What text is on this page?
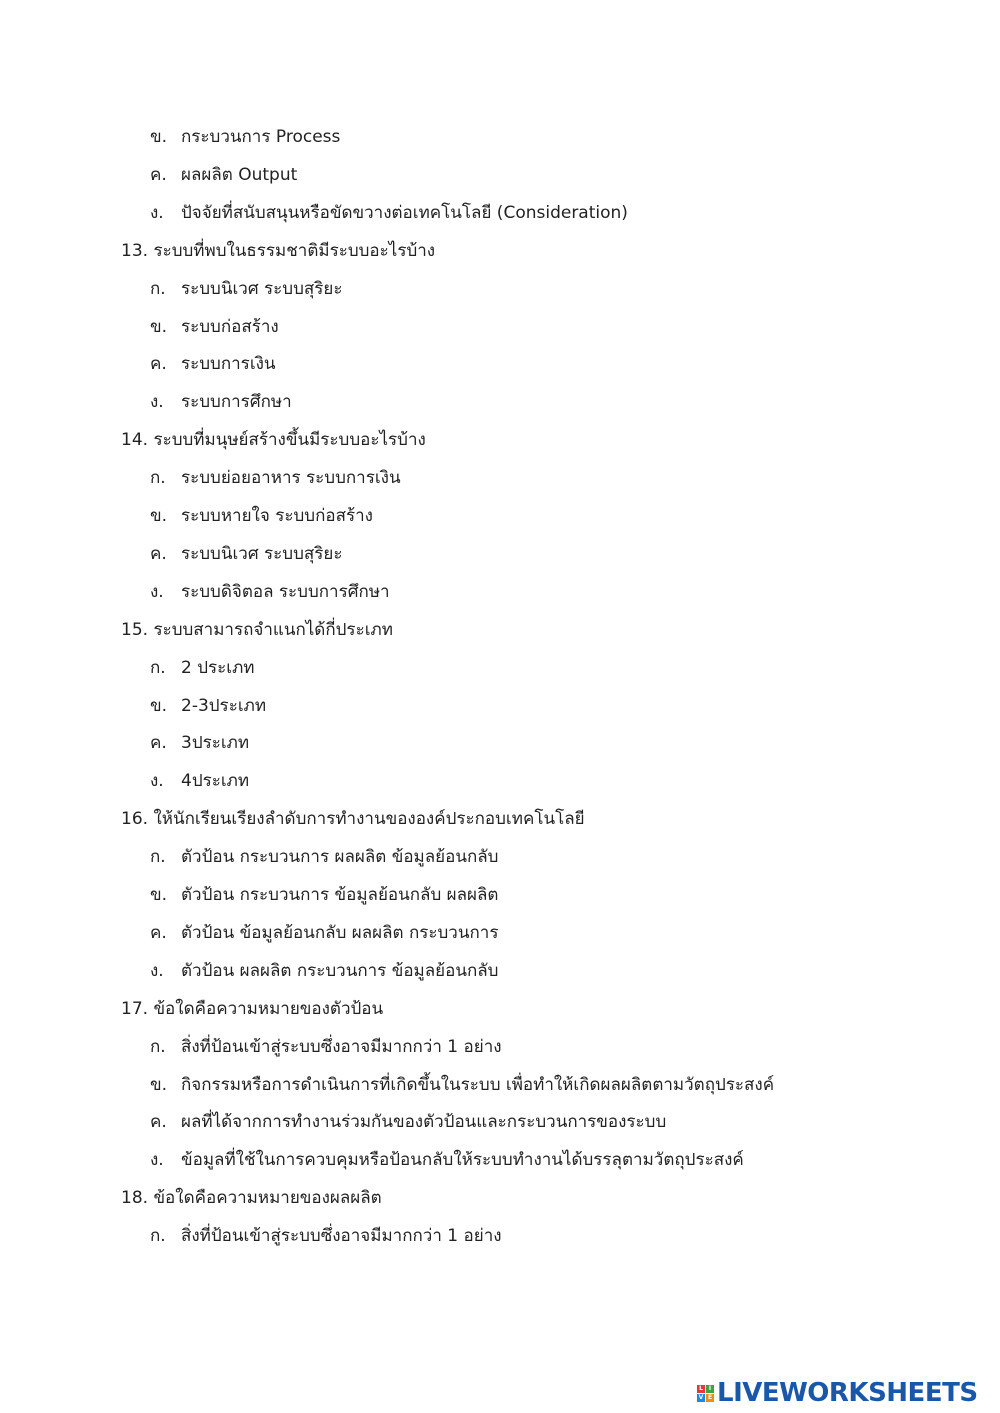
ข. กระบวนการ Process
ค. ผลผลิต Output
ง. ปัจจัยที่สนับสนุนหรือขัดขวางต่อเทคโนโลยี (Consideration)
13. ระบบที่พบในธรรมชาติมีระบบอะไรบ้าง
ก. ระบบนิเวศ ระบบสุริยะ
ข. ระบบก่อสร้าง
ค. ระบบการเงิน
ง. ระบบการศึกษา
14. ระบบที่มนุษย์สร้างขึ้นมีระบบอะไรบ้าง
ก. ระบบย่อยอาหาร ระบบการเงิน
ข. ระบบหายใจ ระบบก่อสร้าง
ค. ระบบนิเวศ ระบบสุริยะ
ง. ระบบดิจิตอล ระบบการศึกษา
15. ระบบสามารถจำแนกได้กี่ประเภท
ก. 2 ประเภท
ข. 2-3ประเภท
ค. 3ประเภท
ง. 4ประเภท
16. ให้นักเรียนเรียงลำดับการทำงานขององค์ประกอบเทคโนโลยี
ก. ตัวป้อน กระบวนการ ผลผลิต ข้อมูลย้อนกลับ
ข. ตัวป้อน กระบวนการ ข้อมูลย้อนกลับ ผลผลิต
ค. ตัวป้อน ข้อมูลย้อนกลับ ผลผลิต กระบวนการ
ง. ตัวป้อน ผลผลิต กระบวนการ ข้อมูลย้อนกลับ
17. ข้อใดคือความหมายของตัวป้อน
ก. สิ่งที่ป้อนเข้าสู่ระบบซึ่งอาจมีมากกว่า 1 อย่าง
ข. กิจกรรมหรือการดำเนินการที่เกิดขึ้นในระบบ เพื่อทำให้เกิดผลผลิตตามวัตถุประสงค์
ค. ผลที่ได้จากการทำงานร่วมกันของตัวป้อนและกระบวนการของระบบ
ง. ข้อมูลที่ใช้ในการควบคุมหรือป้อนกลับให้ระบบทำงานได้บรรลุตามวัตถุประสงค์
18. ข้อใดคือความหมายของผลผลิต
ก. สิ่งที่ป้อนเข้าสู่ระบบซึ่งอาจมีมากกว่า 1 อย่าง
L I
V E LIVEWORKSHEETS
